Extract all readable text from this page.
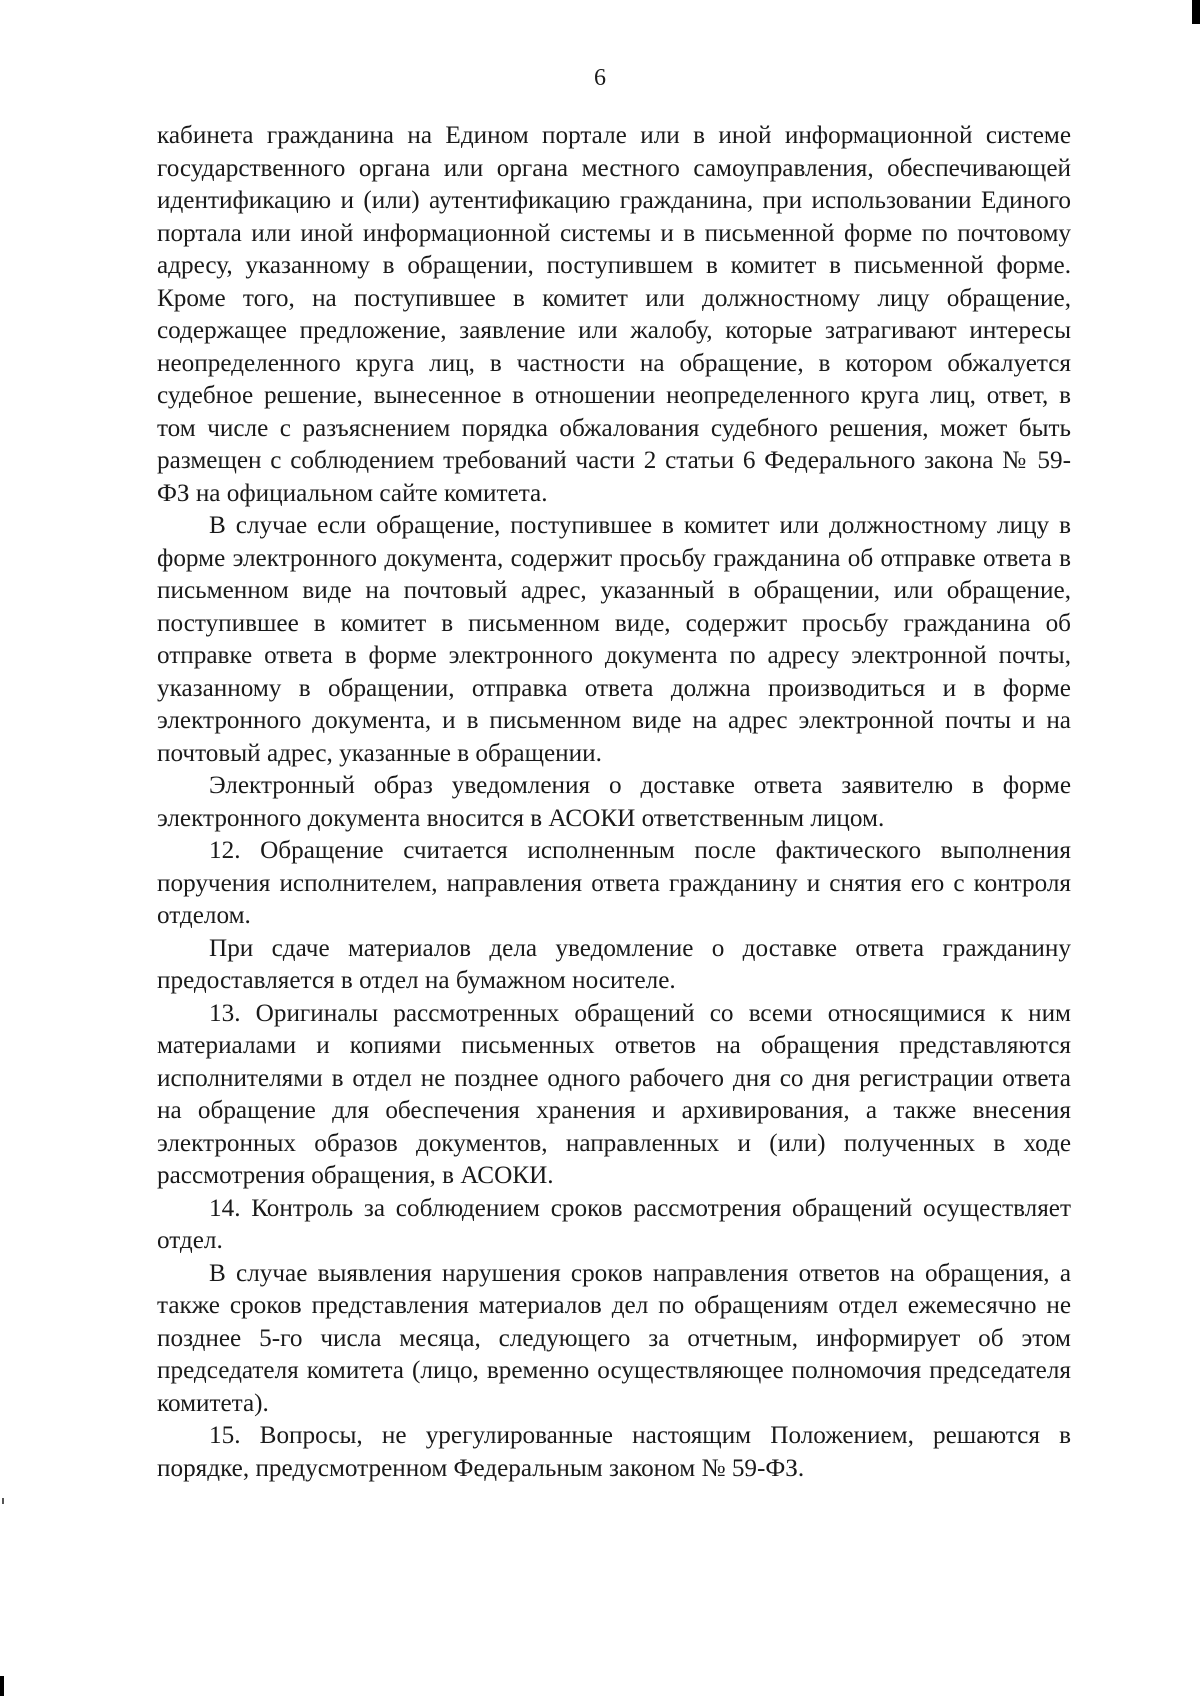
6

кабинета гражданина на Едином портале или в иной информационной системе государственного органа или органа местного самоуправления, обеспечивающей идентификацию и (или) аутентификацию гражданина, при использовании Единого портала или иной информационной системы и в письменной форме по почтовому адресу, указанному в обращении, поступившем в комитет в письменной форме. Кроме того, на поступившее в комитет или должностному лицу обращение, содержащее предложение, заявление или жалобу, которые затрагивают интересы неопределенного круга лиц, в частности на обращение, в котором обжалуется судебное решение, вынесенное в отношении неопределенного круга лиц, ответ, в том числе с разъяснением порядка обжалования судебного решения, может быть размещен с соблюдением требований части 2 статьи 6 Федерального закона № 59-ФЗ на официальном сайте комитета.

В случае если обращение, поступившее в комитет или должностному лицу в форме электронного документа, содержит просьбу гражданина об отправке ответа в письменном виде на почтовый адрес, указанный в обращении, или обращение, поступившее в комитет в письменном виде, содержит просьбу гражданина об отправке ответа в форме электронного документа по адресу электронной почты, указанному в обращении, отправка ответа должна производиться и в форме электронного документа, и в письменном виде на адрес электронной почты и на почтовый адрес, указанные в обращении.

Электронный образ уведомления о доставке ответа заявителю в форме электронного документа вносится в АСОКИ ответственным лицом.

12. Обращение считается исполненным после фактического выполнения поручения исполнителем, направления ответа гражданину и снятия его с контроля отделом.

При сдаче материалов дела уведомление о доставке ответа гражданину предоставляется в отдел на бумажном носителе.

13. Оригиналы рассмотренных обращений со всеми относящимися к ним материалами и копиями письменных ответов на обращения представляются исполнителями в отдел не позднее одного рабочего дня со дня регистрации ответа на обращение для обеспечения хранения и архивирования, а также внесения электронных образов документов, направленных и (или) полученных в ходе рассмотрения обращения, в АСОКИ.

14. Контроль за соблюдением сроков рассмотрения обращений осуществляет отдел.

В случае выявления нарушения сроков направления ответов на обращения, а также сроков представления материалов дел по обращениям отдел ежемесячно не позднее 5-го числа месяца, следующего за отчетным, информирует об этом председателя комитета (лицо, временно осуществляющее полномочия председателя комитета).

15. Вопросы, не урегулированные настоящим Положением, решаются в порядке, предусмотренном Федеральным законом № 59-ФЗ.
